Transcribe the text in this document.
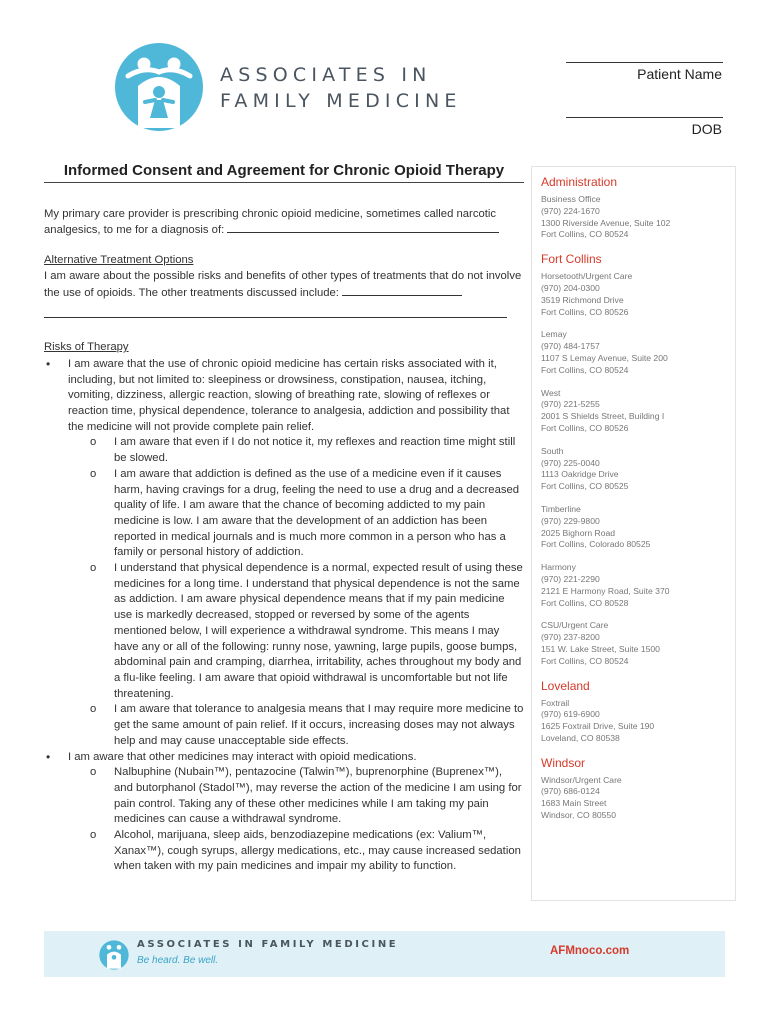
ASSOCIATES IN
FAMILY MEDICINE
Patient Name
DOB
Informed Consent and Agreement for Chronic Opioid Therapy
My primary care provider is prescribing chronic opioid medicine, sometimes called narcotic analgesics, to me for a diagnosis of:
Alternative Treatment Options
I am aware about the possible risks and benefits of other types of treatments that do not involve the use of opioids. The other treatments discussed include:
Risks of Therapy
• I am aware that the use of chronic opioid medicine has certain risks associated with it, including, but not limited to: sleepiness or drowsiness, constipation, nausea, itching, vomiting, dizziness, allergic reaction, slowing of breathing rate, slowing of reflexes or reaction time, physical dependence, tolerance to analgesia, addiction and possibility that the medicine will not provide complete pain relief.
o I am aware that even if I do not notice it, my reflexes and reaction time might still be slowed.
o I am aware that addiction is defined as the use of a medicine even if it causes harm, having cravings for a drug, feeling the need to use a drug and a decreased quality of life. I am aware that the chance of becoming addicted to my pain medicine is low. I am aware that the development of an addiction has been reported in medical journals and is much more common in a person who has a family or personal history of addiction.
o I understand that physical dependence is a normal, expected result of using these medicines for a long time. I understand that physical dependence is not the same as addiction. I am aware physical dependence means that if my pain medicine use is markedly decreased, stopped or reversed by some of the agents mentioned below, I will experience a withdrawal syndrome. This means I may have any or all of the following: runny nose, yawning, large pupils, goose bumps, abdominal pain and cramping, diarrhea, irritability, aches throughout my body and a flu-like feeling. I am aware that opioid withdrawal is uncomfortable but not life threatening.
o I am aware that tolerance to analgesia means that I may require more medicine to get the same amount of pain relief. If it occurs, increasing doses may not always help and may cause unacceptable side effects.
• I am aware that other medicines may interact with opioid medications.
o Nalbuphine (Nubain™), pentazocine (Talwin™), buprenorphine (Buprenex™), and butorphanol (Stadol™), may reverse the action of the medicine I am using for pain control. Taking any of these other medicines while I am taking my pain medicines can cause a withdrawal syndrome.
o Alcohol, marijuana, sleep aids, benzodiazepine medications (ex: Valium™, Xanax™), cough syrups, allergy medications, etc., may cause increased sedation when taken with my pain medicines and impair my ability to function.
Administration
Business Office
(970) 224-1670
1300 Riverside Avenue, Suite 102
Fort Collins, CO 80524
Fort Collins
Horsetooth/Urgent Care
(970) 204-0300
3519 Richmond Drive
Fort Collins, CO 80526
Lemay
(970) 484-1757
1107 S Lemay Avenue, Suite 200
Fort Collins, CO 80524
West
(970) 221-5255
2001 S Shields Street, Building I
Fort Collins, CO 80526
South
(970) 225-0040
1113 Oakridge Drive
Fort Collins, CO 80525
Timberline
(970) 229-9800
2025 Bighorn Road
Fort Collins, Colorado 80525
Harmony
(970) 221-2290
2121 E Harmony Road, Suite 370
Fort Collins, CO 80528
CSU/Urgent Care
(970) 237-8200
151 W. Lake Street, Suite 1500
Fort Collins, CO 80524
Loveland
Foxtrail
(970) 619-6900
1625 Foxtrail Drive, Suite 190
Loveland, CO 80538
Windsor
Windsor/Urgent Care
(970) 686-0124
1683 Main Street
Windsor, CO 80550
ASSOCIATES IN FAMILY MEDICINE
Be heard. Be well.
AFMnoco.com
